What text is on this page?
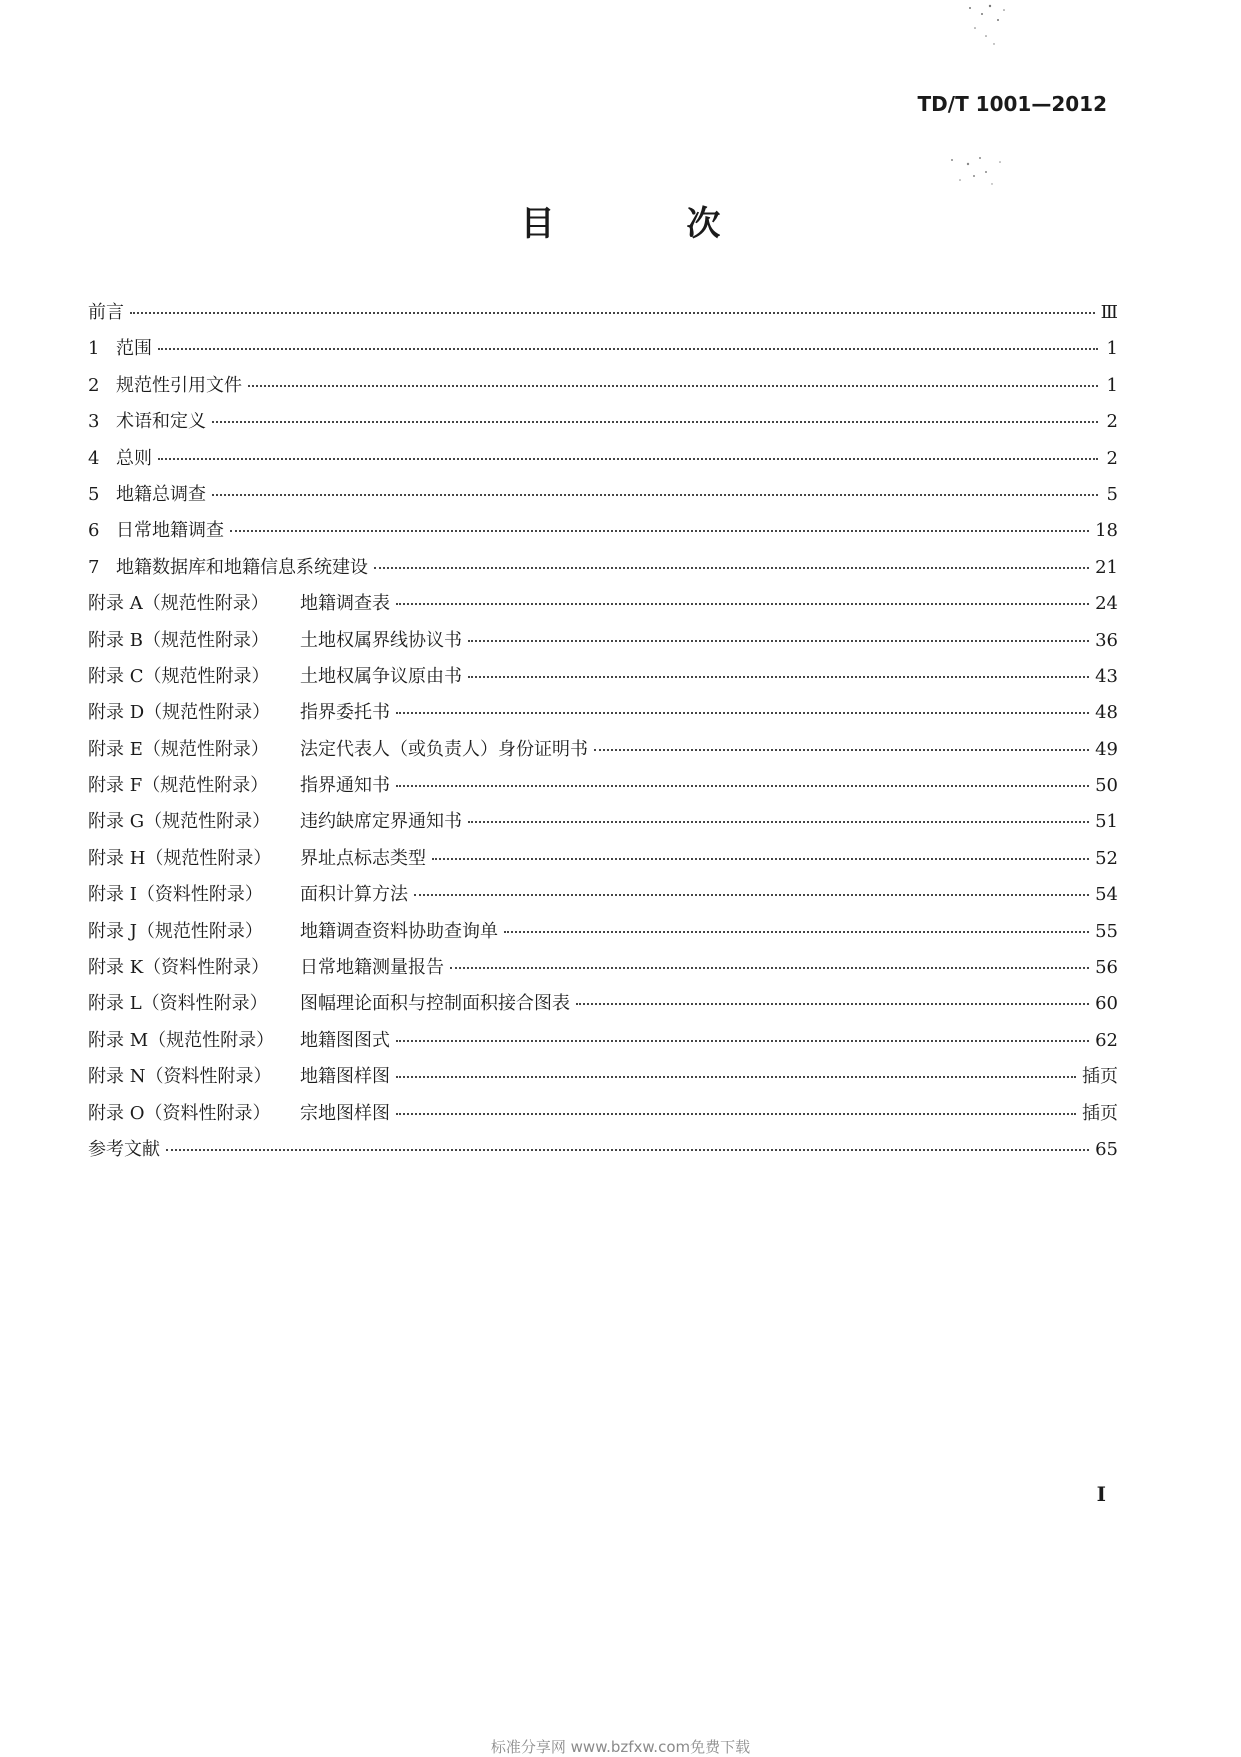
TD/T 1001—2012
目 次
前言	Ⅲ
1 范围	1
2 规范性引用文件	1
3 术语和定义	2
4 总则	2
5 地籍总调查	5
6 日常地籍调查	18
7 地籍数据库和地籍信息系统建设	21
附录 A（规范性附录）	地籍调查表	24
附录 B（规范性附录）	土地权属界线协议书	36
附录 C（规范性附录）	土地权属争议原由书	43
附录 D（规范性附录）	指界委托书	48
附录 E（规范性附录）	法定代表人（或负责人）身份证明书	49
附录 F（规范性附录）	指界通知书	50
附录 G（规范性附录）	违约缺席定界通知书	51
附录 H（规范性附录）	界址点标志类型	52
附录 I（资料性附录）	面积计算方法	54
附录 J（规范性附录）	地籍调查资料协助查询单	55
附录 K（资料性附录）	日常地籍测量报告	56
附录 L（资料性附录）	图幅理论面积与控制面积接合图表	60
附录 M（规范性附录）	地籍图图式	62
附录 N（资料性附录）	地籍图样图	插页
附录 O（资料性附录）	宗地图样图	插页
参考文献	65
I
标准分享网 www.bzfxw.com免费下载
